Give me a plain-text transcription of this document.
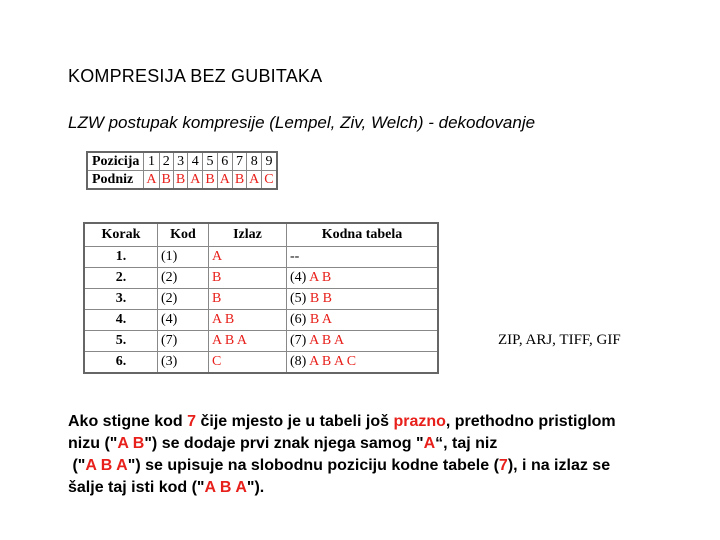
KOMPRESIJA BEZ GUBITAKA
LZW postupak kompresije (Lempel, Ziv, Welch) - dekodovanje
Pozicija	1	2	3	4	5	6	7	8	9
Podniz	A	B	B	A	B	A	B	A	C
Korak	Kod	Izlaz	Kodna tabela
1.	(1)	A	--
2.	(2)	B	(4) A B
3.	(2)	B	(5) B B
4.	(4)	A B	(6) B A
5.	(7)	A B A	(7) A B A
6.	(3)	C	(8) A B A C
ZIP, ARJ, TIFF, GIF
Ako stigne kod 7 čije mjesto je u tabeli još prazno, prethodno pristiglom
nizu ("A B") se dodaje prvi znak njega samog "A“, taj niz
("A B A") se upisuje na slobodnu poziciju kodne tabele (7), i na izlaz se
šalje taj isti kod ("A B A").
